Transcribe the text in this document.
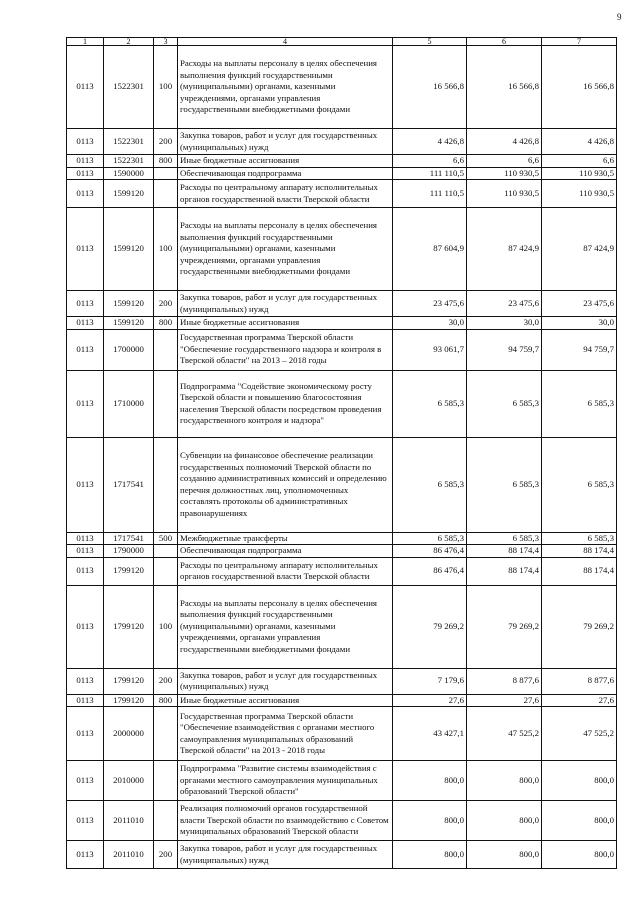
9
1	2	3	4	5	6	7
0113	1522301	100	Расходы на выплаты персоналу в целях обеспечения выполнения функций государственными (муниципальными) органами, казенными учреждениями, органами управления государственными внебюджетными фондами	16 566,8	16 566,8	16 566,8
0113	1522301	200	Закупка товаров, работ и услуг для государственных (муниципальных) нужд	4 426,8	4 426,8	4 426,8
0113	1522301	800	Иные бюджетные ассигнования	6,6	6,6	6,6
0113	1590000		Обеспечивающая подпрограмма	111 110,5	110 930,5	110 930,5
0113	1599120		Расходы по центральному аппарату исполнительных органов государственной власти Тверской области	111 110,5	110 930,5	110 930,5
0113	1599120	100	Расходы на выплаты персоналу в целях обеспечения выполнения функций государственными (муниципальными) органами, казенными учреждениями, органами управления государственными внебюджетными фондами	87 604,9	87 424,9	87 424,9
0113	1599120	200	Закупка товаров, работ и услуг для государственных (муниципальных) нужд	23 475,6	23 475,6	23 475,6
0113	1599120	800	Иные бюджетные ассигнования	30,0	30,0	30,0
0113	1700000		Государственная программа Тверской области "Обеспечение государственного надзора и контроля в Тверской области" на 2013 – 2018 годы	93 061,7	94 759,7	94 759,7
0113	1710000		Подпрограмма "Содействие экономическому росту Тверской области и повышению благосостояния населения Тверской области посредством проведения государственного контроля и надзора"	6 585,3	6 585,3	6 585,3
0113	1717541		Субвенции на финансовое обеспечение реализации государственных полномочий Тверской области по созданию административных комиссий и определению перечня должностных лиц, уполномоченных составлять протоколы об административных правонарушениях	6 585,3	6 585,3	6 585,3
0113	1717541	500	Межбюджетные трансферты	6 585,3	6 585,3	6 585,3
0113	1790000		Обеспечивающая подпрограмма	86 476,4	88 174,4	88 174,4
0113	1799120		Расходы по центральному аппарату исполнительных органов государственной власти Тверской области	86 476,4	88 174,4	88 174,4
0113	1799120	100	Расходы на выплаты персоналу в целях обеспечения выполнения функций государственными (муниципальными) органами, казенными учреждениями, органами управления государственными внебюджетными фондами	79 269,2	79 269,2	79 269,2
0113	1799120	200	Закупка товаров, работ и услуг для государственных (муниципальных) нужд	7 179,6	8 877,6	8 877,6
0113	1799120	800	Иные бюджетные ассигнования	27,6	27,6	27,6
0113	2000000		Государственная программа Тверской области "Обеспечение взаимодействия с органами местного самоуправления муниципальных образований Тверской области" на 2013 - 2018 годы	43 427,1	47 525,2	47 525,2
0113	2010000		Подпрограмма "Развитие системы взаимодействия с органами местного самоуправления муниципальных образований Тверской области"	800,0	800,0	800,0
0113	2011010		Реализация полномочий органов государственной власти Тверской области по взаимодействию с Советом муниципальных образований Тверской области	800,0	800,0	800,0
0113	2011010	200	Закупка товаров, работ и услуг для государственных (муниципальных) нужд	800,0	800,0	800,0
